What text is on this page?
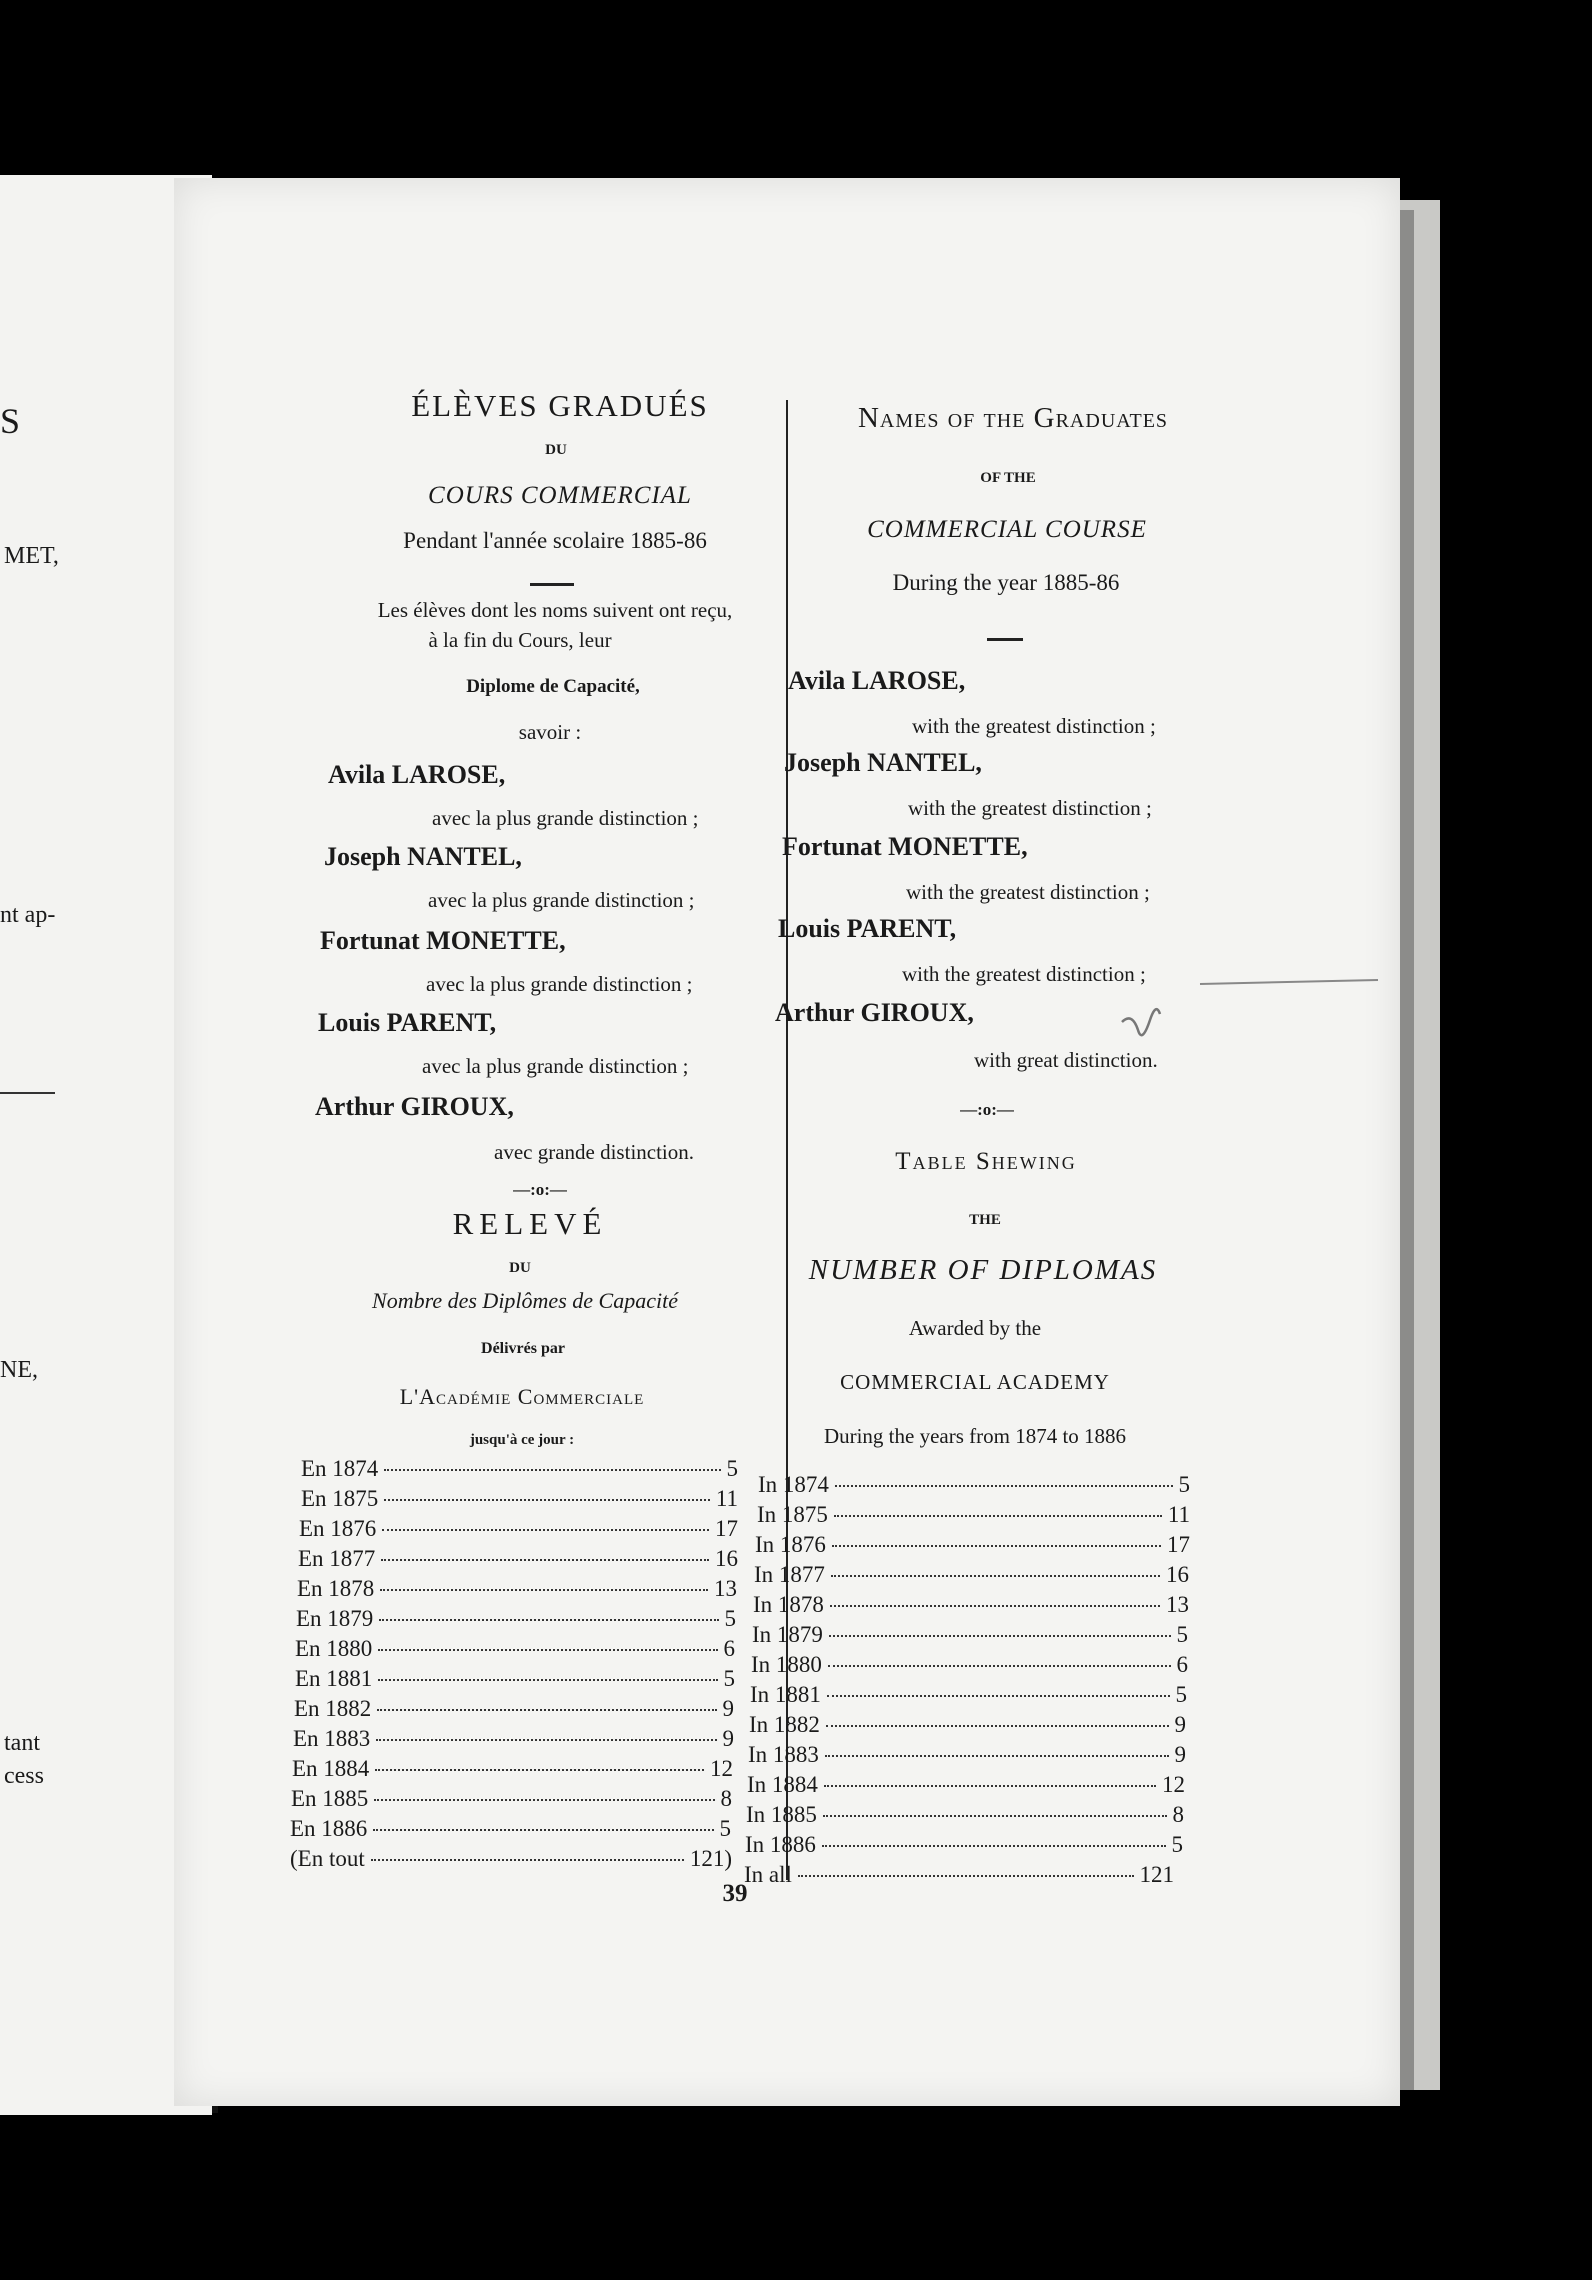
S
MET,
nt ap-
NE,
tant
cess
ÉLÈVES GRADUÉS
DU
COURS COMMERCIAL
Pendant l'année scolaire 1885-86
Les élèves dont les noms suivent ont reçu,
à la fin du Cours, leur
Diplome de Capacité,
savoir :
Avila LAROSE,
avec la plus grande distinction ;
Joseph NANTEL,
avec la plus grande distinction ;
Fortunat MONETTE,
avec la plus grande distinction ;
Louis PARENT,
avec la plus grande distinction ;
Arthur GIROUX,
avec grande distinction.
—:o:—
RELEVÉ
DU
Nombre des Diplômes de Capacité
Délivrés par
L'Académie Commerciale
jusqu'à ce jour :
En 1874	5
En 1875	11
En 1876	17
En 1877	16
En 1878	13
En 1879	5
En 1880	6
En 1881	5
En 1882	9
En 1883	9
En 1884	12
En 1885	8
En 1886	5
(En tout	121)
Names of the Graduates
OF THE
COMMERCIAL COURSE
During the year 1885-86
Avila LAROSE,
with the greatest distinction ;
Joseph NANTEL,
with the greatest distinction ;
Fortunat MONETTE,
with the greatest distinction ;
Louis PARENT,
with the greatest distinction ;
Arthur GIROUX,
with great distinction.
—:o:—
Table Shewing
THE
NUMBER OF DIPLOMAS
Awarded by the
COMMERCIAL ACADEMY
During the years from 1874 to 1886
In 1874	5
In 1875	11
In 1876	17
In 1877	16
In 1878	13
In 1879	5
In 1880	6
In 1881	5
In 1882	9
In 1883	9
In 1884	12
In 1885	8
In 1886	5
In all	121
39
